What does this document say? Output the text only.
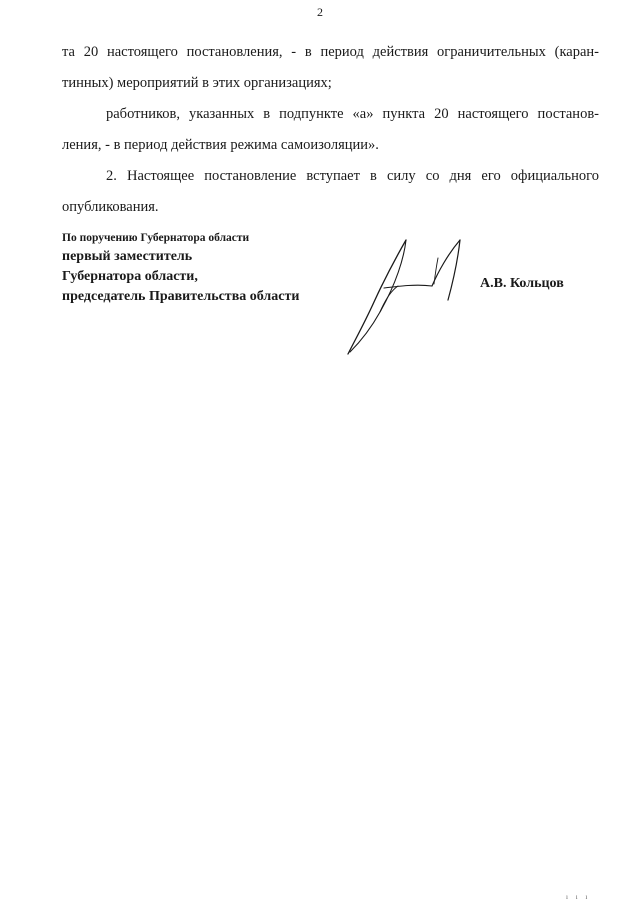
2
та 20 настоящего постановления, - в период действия ограничительных (каран-
тинных) мероприятий в этих организациях;
работников, указанных в подпункте «а» пункта 20 настоящего постанов-
ления, - в период действия режима самоизоляции».
2. Настоящее постановление вступает в силу со дня его официального
опубликования.
По поручению Губернатора области
первый заместитель
Губернатора области,
председатель Правительства области
А.В. Кольцов
ı ı ı
